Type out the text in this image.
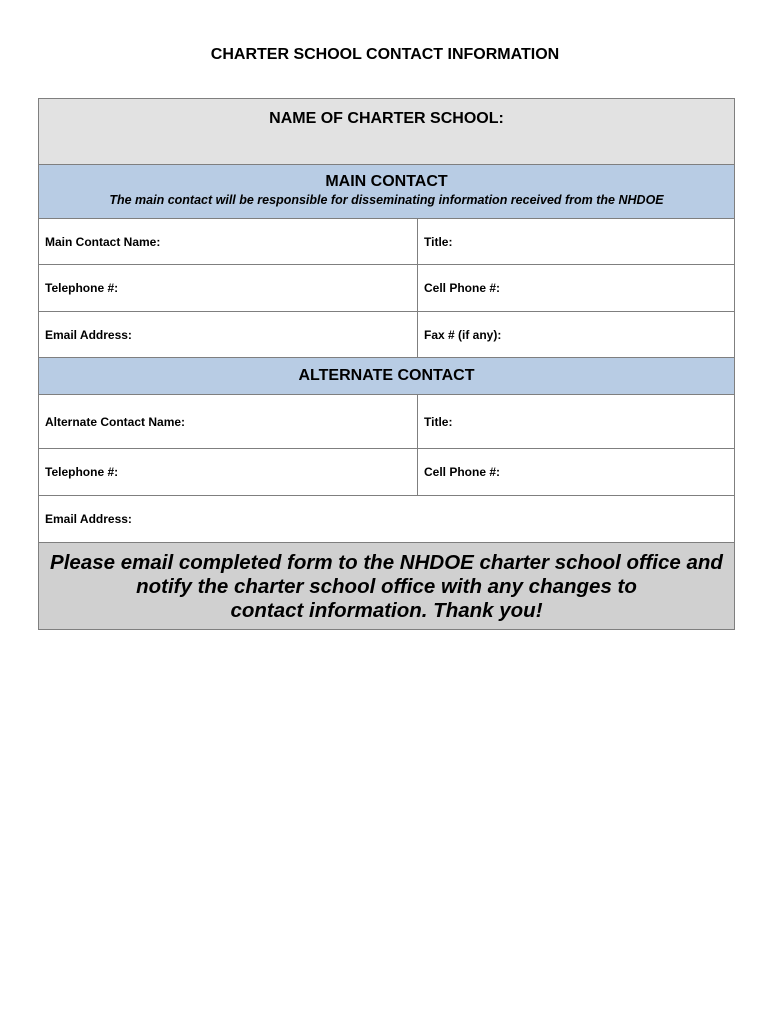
CHARTER SCHOOL CONTACT INFORMATION
NAME OF CHARTER SCHOOL:
MAIN CONTACT
The main contact will be responsible for disseminating information received from the NHDOE
Main Contact Name:	Title:
Telephone #:	Cell Phone #:
Email Address:	Fax # (if any):
ALTERNATE CONTACT
Alternate Contact Name:	Title:
Telephone #:	Cell Phone #:
Email Address:
Please email completed form to the NHDOE charter school office and
notify the charter school office with any changes to
contact information. Thank you!
